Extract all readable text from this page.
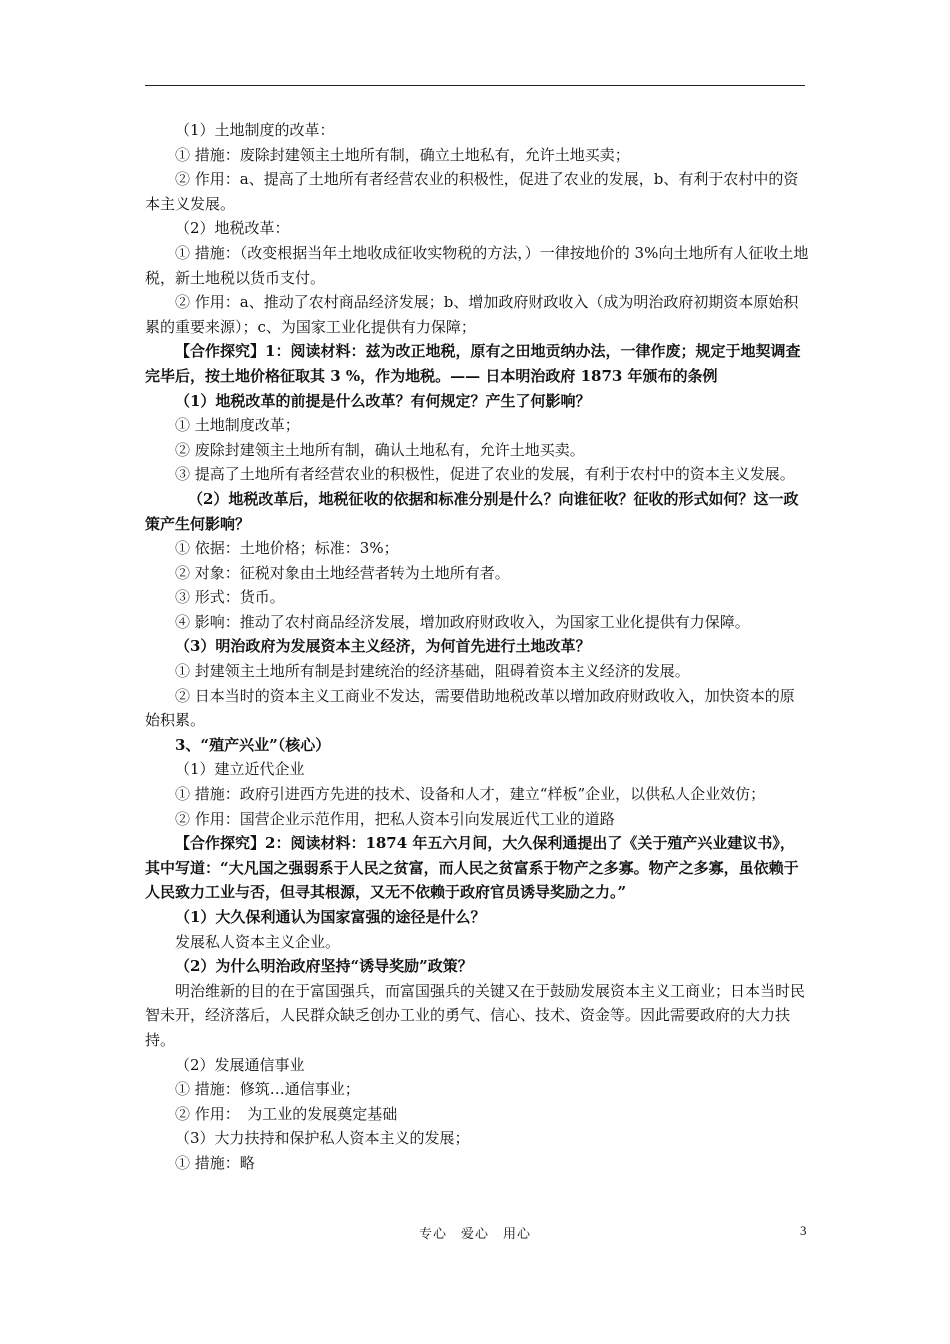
（1）土地制度的改革：

① 措施：废除封建领主土地所有制，确立土地私有，允许土地买卖；

② 作用：a、提高了土地所有者经营农业的积极性，促进了农业的发展，b、有利于农村中的资本主义发展。

（2）地税改革：

① 措施：（改变根据当年土地收成征收实物税的方法，）一律按地价的 3%向土地所有人征收土地税，新土地税以货币支付。

② 作用：a、推动了农村商品经济发展；b、增加政府财政收入（成为明治政府初期资本原始积累的重要来源）；c、为国家工业化提供有力保障；

【合作探究】1：阅读材料：兹为改正地税，原有之田地贡纳办法，一律作废；规定于地契调查完毕后，按土地价格征取其 3 %，作为地税。—— 日本明治政府 1873 年颁布的条例

（1）地税改革的前提是什么改革？有何规定？产生了何影响？

① 土地制度改革；

② 废除封建领主土地所有制，确认土地私有，允许土地买卖。

③ 提高了土地所有者经营农业的积极性，促进了农业的发展，有利于农村中的资本主义发展。

（2）地税改革后，地税征收的依据和标准分别是什么？向谁征收？征收的形式如何？这一政策产生何影响？

① 依据：土地价格；标准：3%；

② 对象：征税对象由土地经营者转为土地所有者。

③ 形式：货币。

④ 影响：推动了农村商品经济发展，增加政府财政收入，为国家工业化提供有力保障。

（3）明治政府为发展资本主义经济，为何首先进行土地改革？

① 封建领主土地所有制是封建统治的经济基础，阻碍着资本主义经济的发展。

② 日本当时的资本主义工商业不发达，需要借助地税改革以增加政府财政收入，加快资本的原始积累。

3、“殖产兴业”（核心）

（1）建立近代企业

① 措施：政府引进西方先进的技术、设备和人才，建立“样板”企业，以供私人企业效仿；

② 作用：国营企业示范作用，把私人资本引向发展近代工业的道路

【合作探究】2：阅读材料：1874 年五六月间，大久保利通提出了《关于殖产兴业建议书》，其中写道：“大凡国之强弱系于人民之贫富，而人民之贫富系于物产之多寡。物产之多寡，虽依赖于人民致力工业与否，但寻其根源，又无不依赖于政府官员诱导奖励之力。”

（1）大久保利通认为国家富强的途径是什么？

发展私人资本主义企业。

（2）为什么明治政府坚持“诱导奖励”政策？

明治维新的目的在于富国强兵，而富国强兵的关键又在于鼓励发展资本主义工商业；日本当时民智未开，经济落后，人民群众缺乏创办工业的勇气、信心、技术、资金等。因此需要政府的大力扶持。

（2）发展通信事业

① 措施：修筑…通信事业；

② 作用：　为工业的发展奠定基础

（3）大力扶持和保护私人资本主义的发展；

① 措施：略

专心　爱心　用心	3
